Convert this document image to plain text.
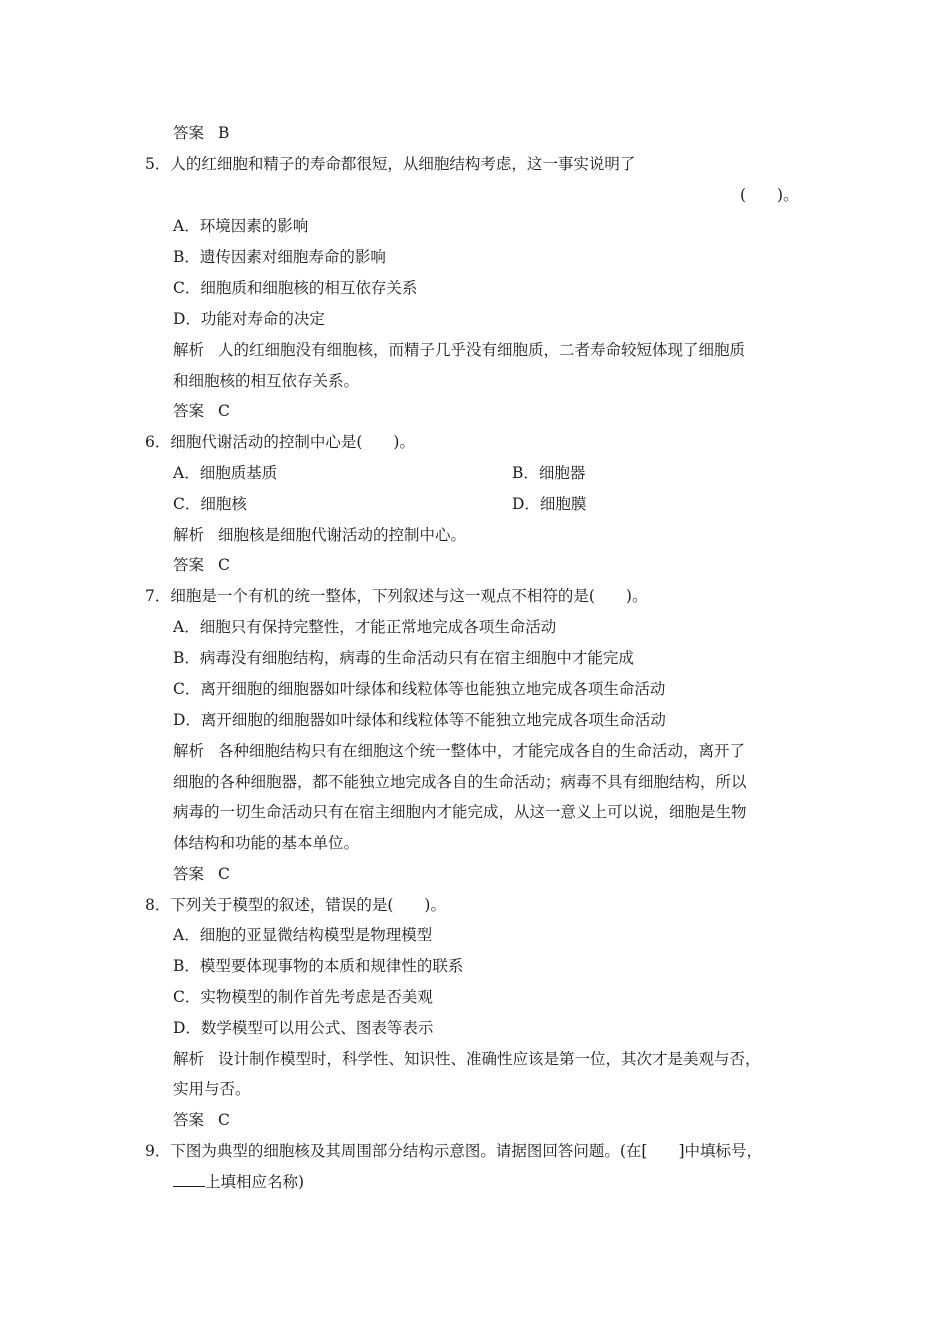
答案 B
5．人的红细胞和精子的寿命都很短，从细胞结构考虑，这一事实说明了
(　　)。
A．环境因素的影响
B．遗传因素对细胞寿命的影响
C．细胞质和细胞核的相互依存关系
D．功能对寿命的决定
解析 人的红细胞没有细胞核，而精子几乎没有细胞质，二者寿命较短体现了细胞质
和细胞核的相互依存关系。
答案 C
6．细胞代谢活动的控制中心是(　　)。
A．细胞质基质	B．细胞器
C．细胞核	D．细胞膜
解析 细胞核是细胞代谢活动的控制中心。
答案 C
7．细胞是一个有机的统一整体，下列叙述与这一观点不相符的是(　　)。
A．细胞只有保持完整性，才能正常地完成各项生命活动
B．病毒没有细胞结构，病毒的生命活动只有在宿主细胞中才能完成
C．离开细胞的细胞器如叶绿体和线粒体等也能独立地完成各项生命活动
D．离开细胞的细胞器如叶绿体和线粒体等不能独立地完成各项生命活动
解析 各种细胞结构只有在细胞这个统一整体中，才能完成各自的生命活动，离开了
细胞的各种细胞器，都不能独立地完成各自的生命活动；病毒不具有细胞结构，所以
病毒的一切生命活动只有在宿主细胞内才能完成，从这一意义上可以说，细胞是生物
体结构和功能的基本单位。
答案 C
8．下列关于模型的叙述，错误的是(　　)。
A．细胞的亚显微结构模型是物理模型
B．模型要体现事物的本质和规律性的联系
C．实物模型的制作首先考虑是否美观
D．数学模型可以用公式、图表等表示
解析 设计制作模型时，科学性、知识性、准确性应该是第一位，其次才是美观与否，
实用与否。
答案 C
9．下图为典型的细胞核及其周围部分结构示意图。请据图回答问题。(在[　　]中填标号，
上填相应名称)
